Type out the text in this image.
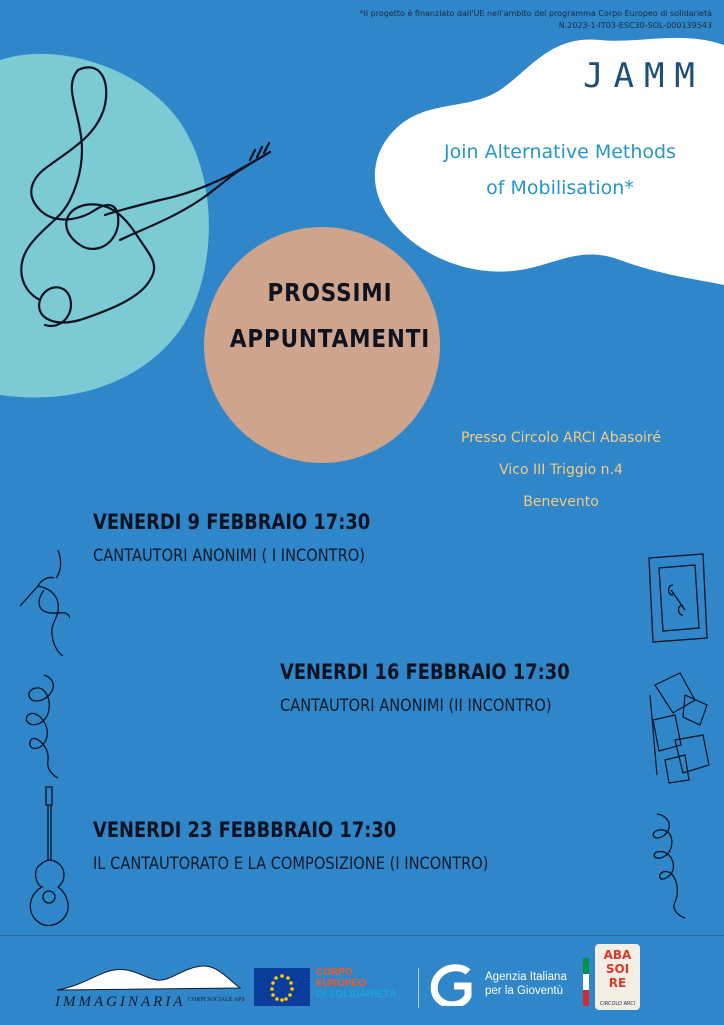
*Il progetto è finanziato dall'UE nell'ambito del programma Corpo Europeo di solidarietà
N.2023-1-IT03-ESC30-SOL-000139543
JAMM
Join Alternative Methods
of Mobilisation*
PROSSIMI
APPUNTAMENTI
Presso Circolo ARCI Abasoiré
Vico III Triggio n.4
Benevento
VENERDI 9 FEBBRAIO 17:30
CANTAUTORI ANONIMI ( I INCONTRO)
VENERDI 16 FEBBRAIO 17:30
CANTAUTORI ANONIMI (II INCONTRO)
VENERDI 23 FEBBBRAIO 17:30
IL CANTAUTORATO E LA COMPOSIZIONE (I INCONTRO)
IMMAGINARIA CORPI SOCIALE APS
CORPO
EUROPEO
DI SOLIDARIETÀ
Agenzia Italiana
per la Gioventù
ABA SOI RE
CIRCOLO ARCI
